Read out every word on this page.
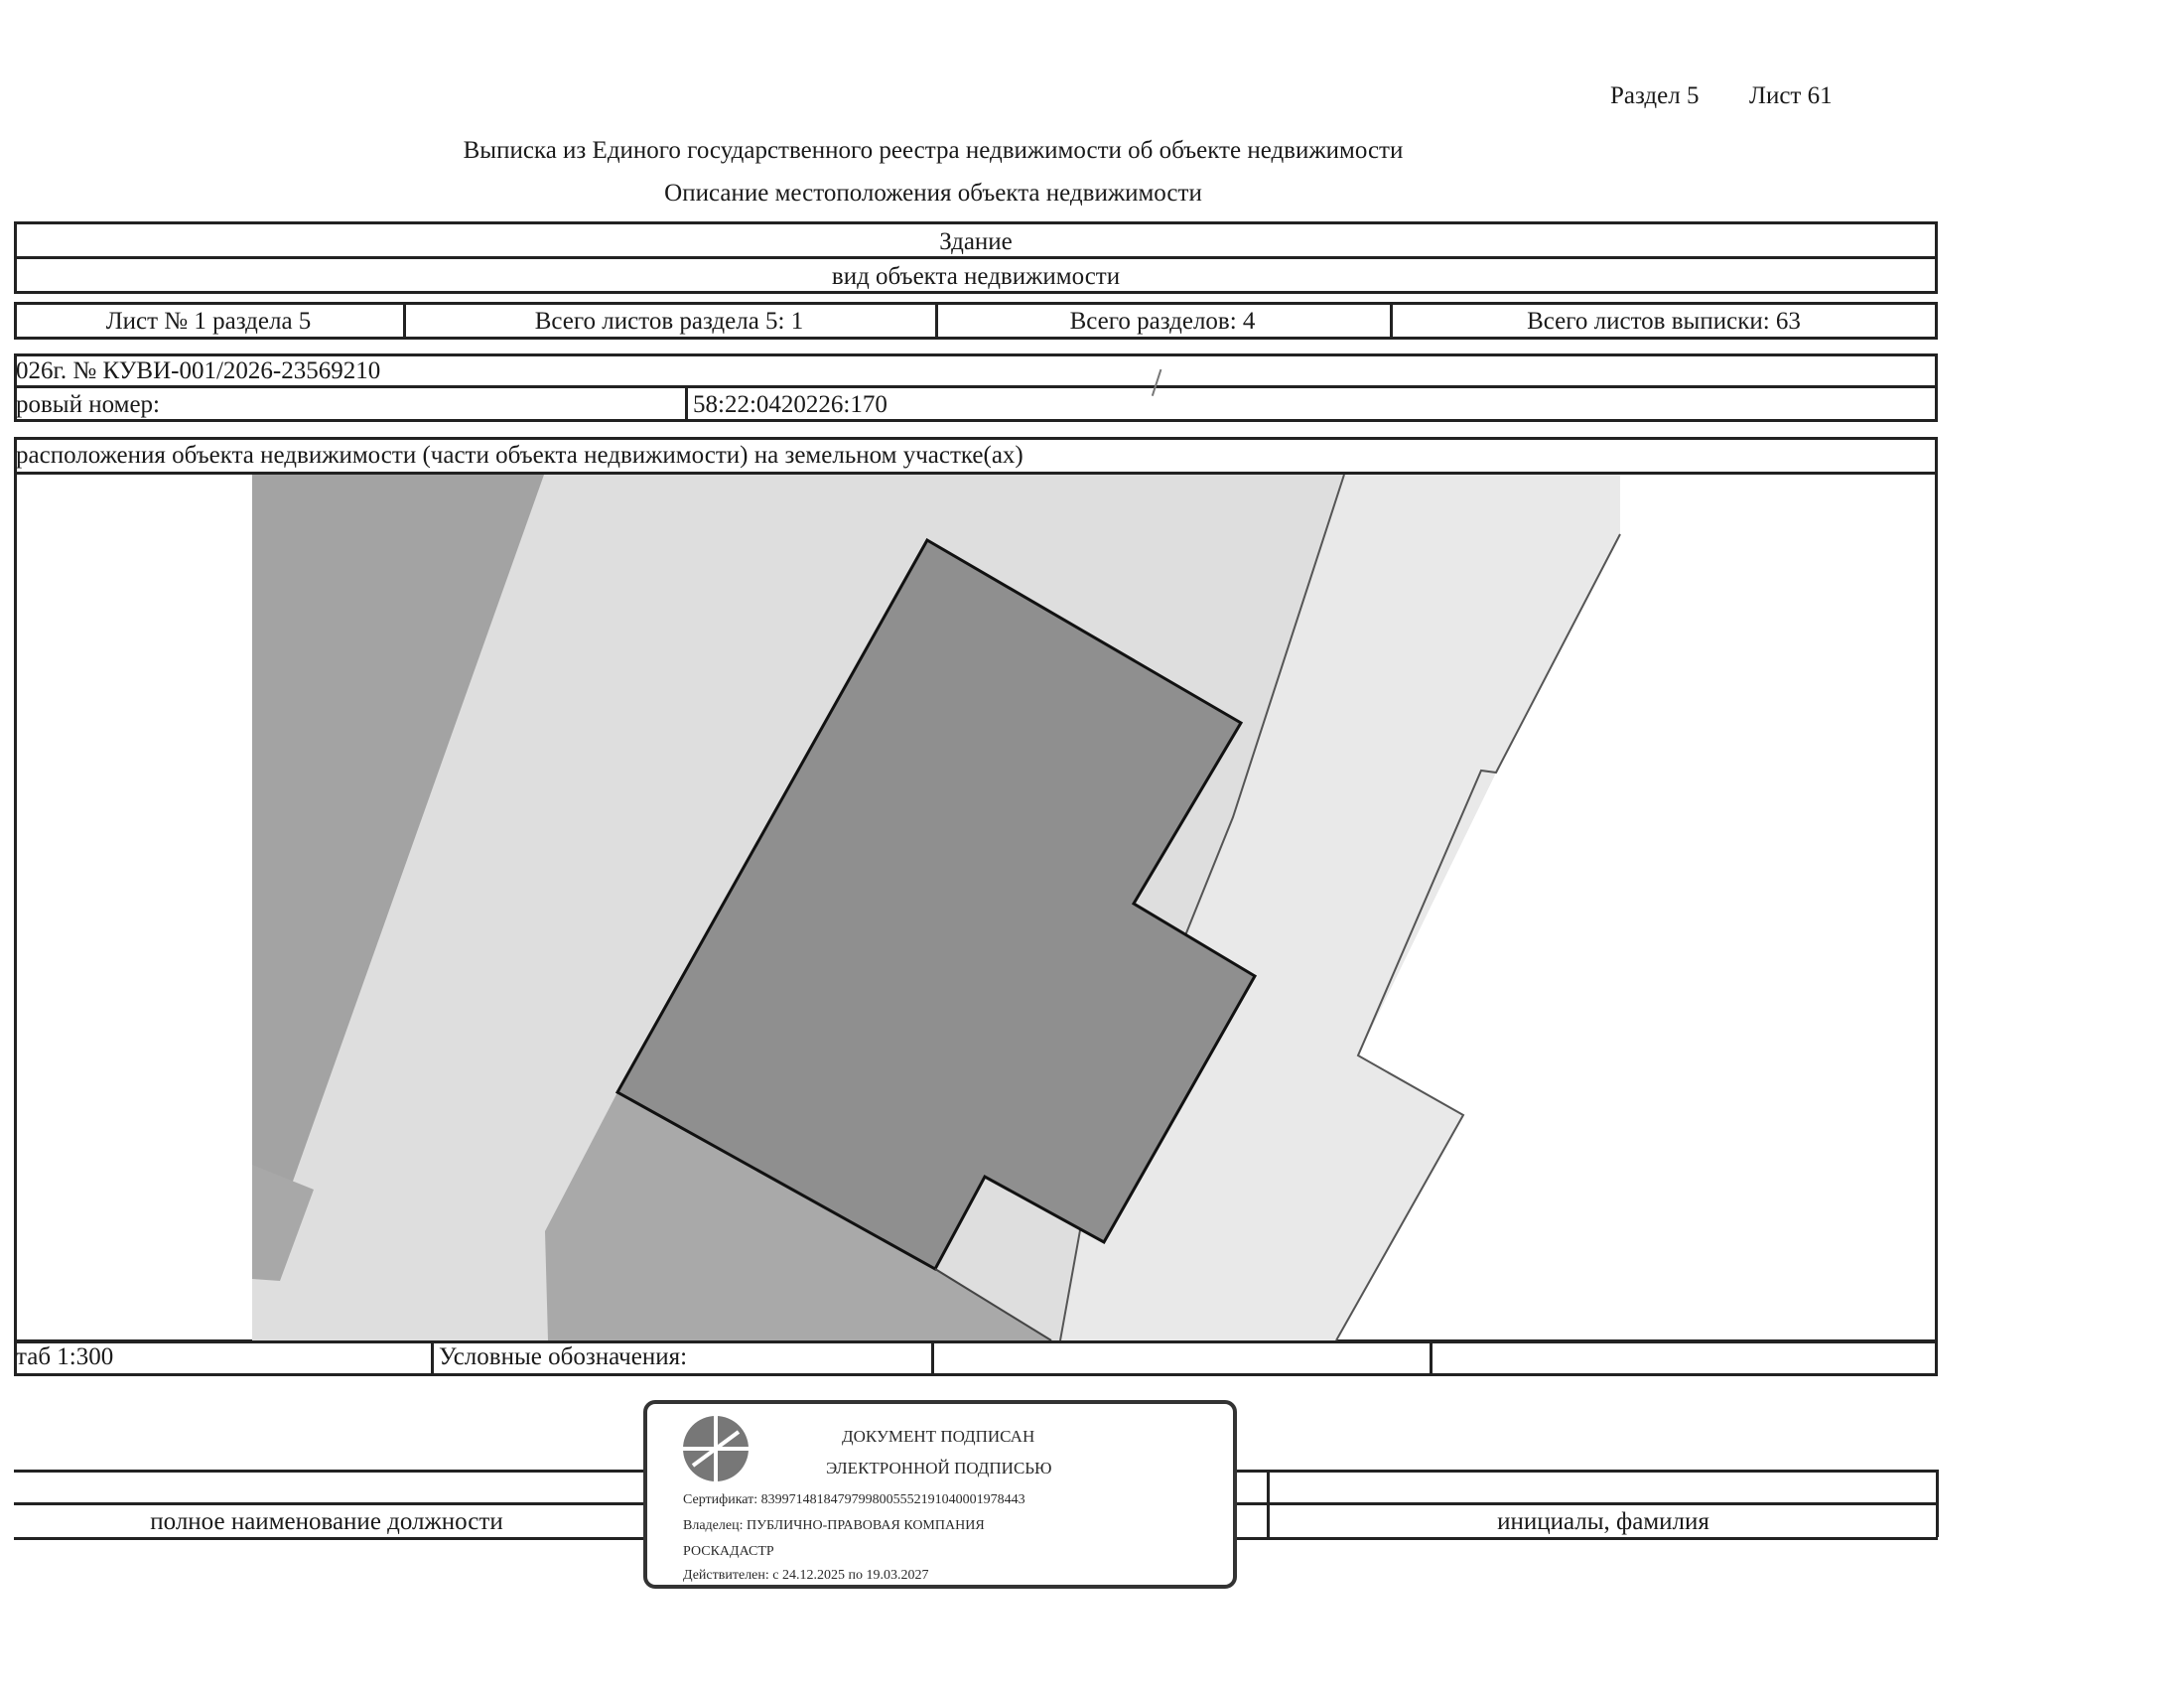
Раздел 5 Лист 61
Выписка из Единого государственного реестра недвижимости об объекте недвижимости
Описание местоположения объекта недвижимости
Здание
вид объекта недвижимости
Лист № 1 раздела 5	Всего листов раздела 5: 1	Всего разделов: 4	Всего листов выписки: 63
026г. № КУВИ-001/2026-23569210
ровый номер:	58:22:0420226:170
расположения объекта недвижимости (части объекта недвижимости) на земельном участке(ах)
таб 1:300	Условные обозначения:
полное наименование должности	инициалы, фамилия
ДОКУМЕНТ ПОДПИСАН
ЭЛЕКТРОННОЙ ПОДПИСЬЮ
Сертификат: 83997148184797998005552191040001978443
Владелец: ПУБЛИЧНО-ПРАВОВАЯ КОМПАНИЯ
РОСКАДАСТР
Действителен: с 24.12.2025 по 19.03.2027
